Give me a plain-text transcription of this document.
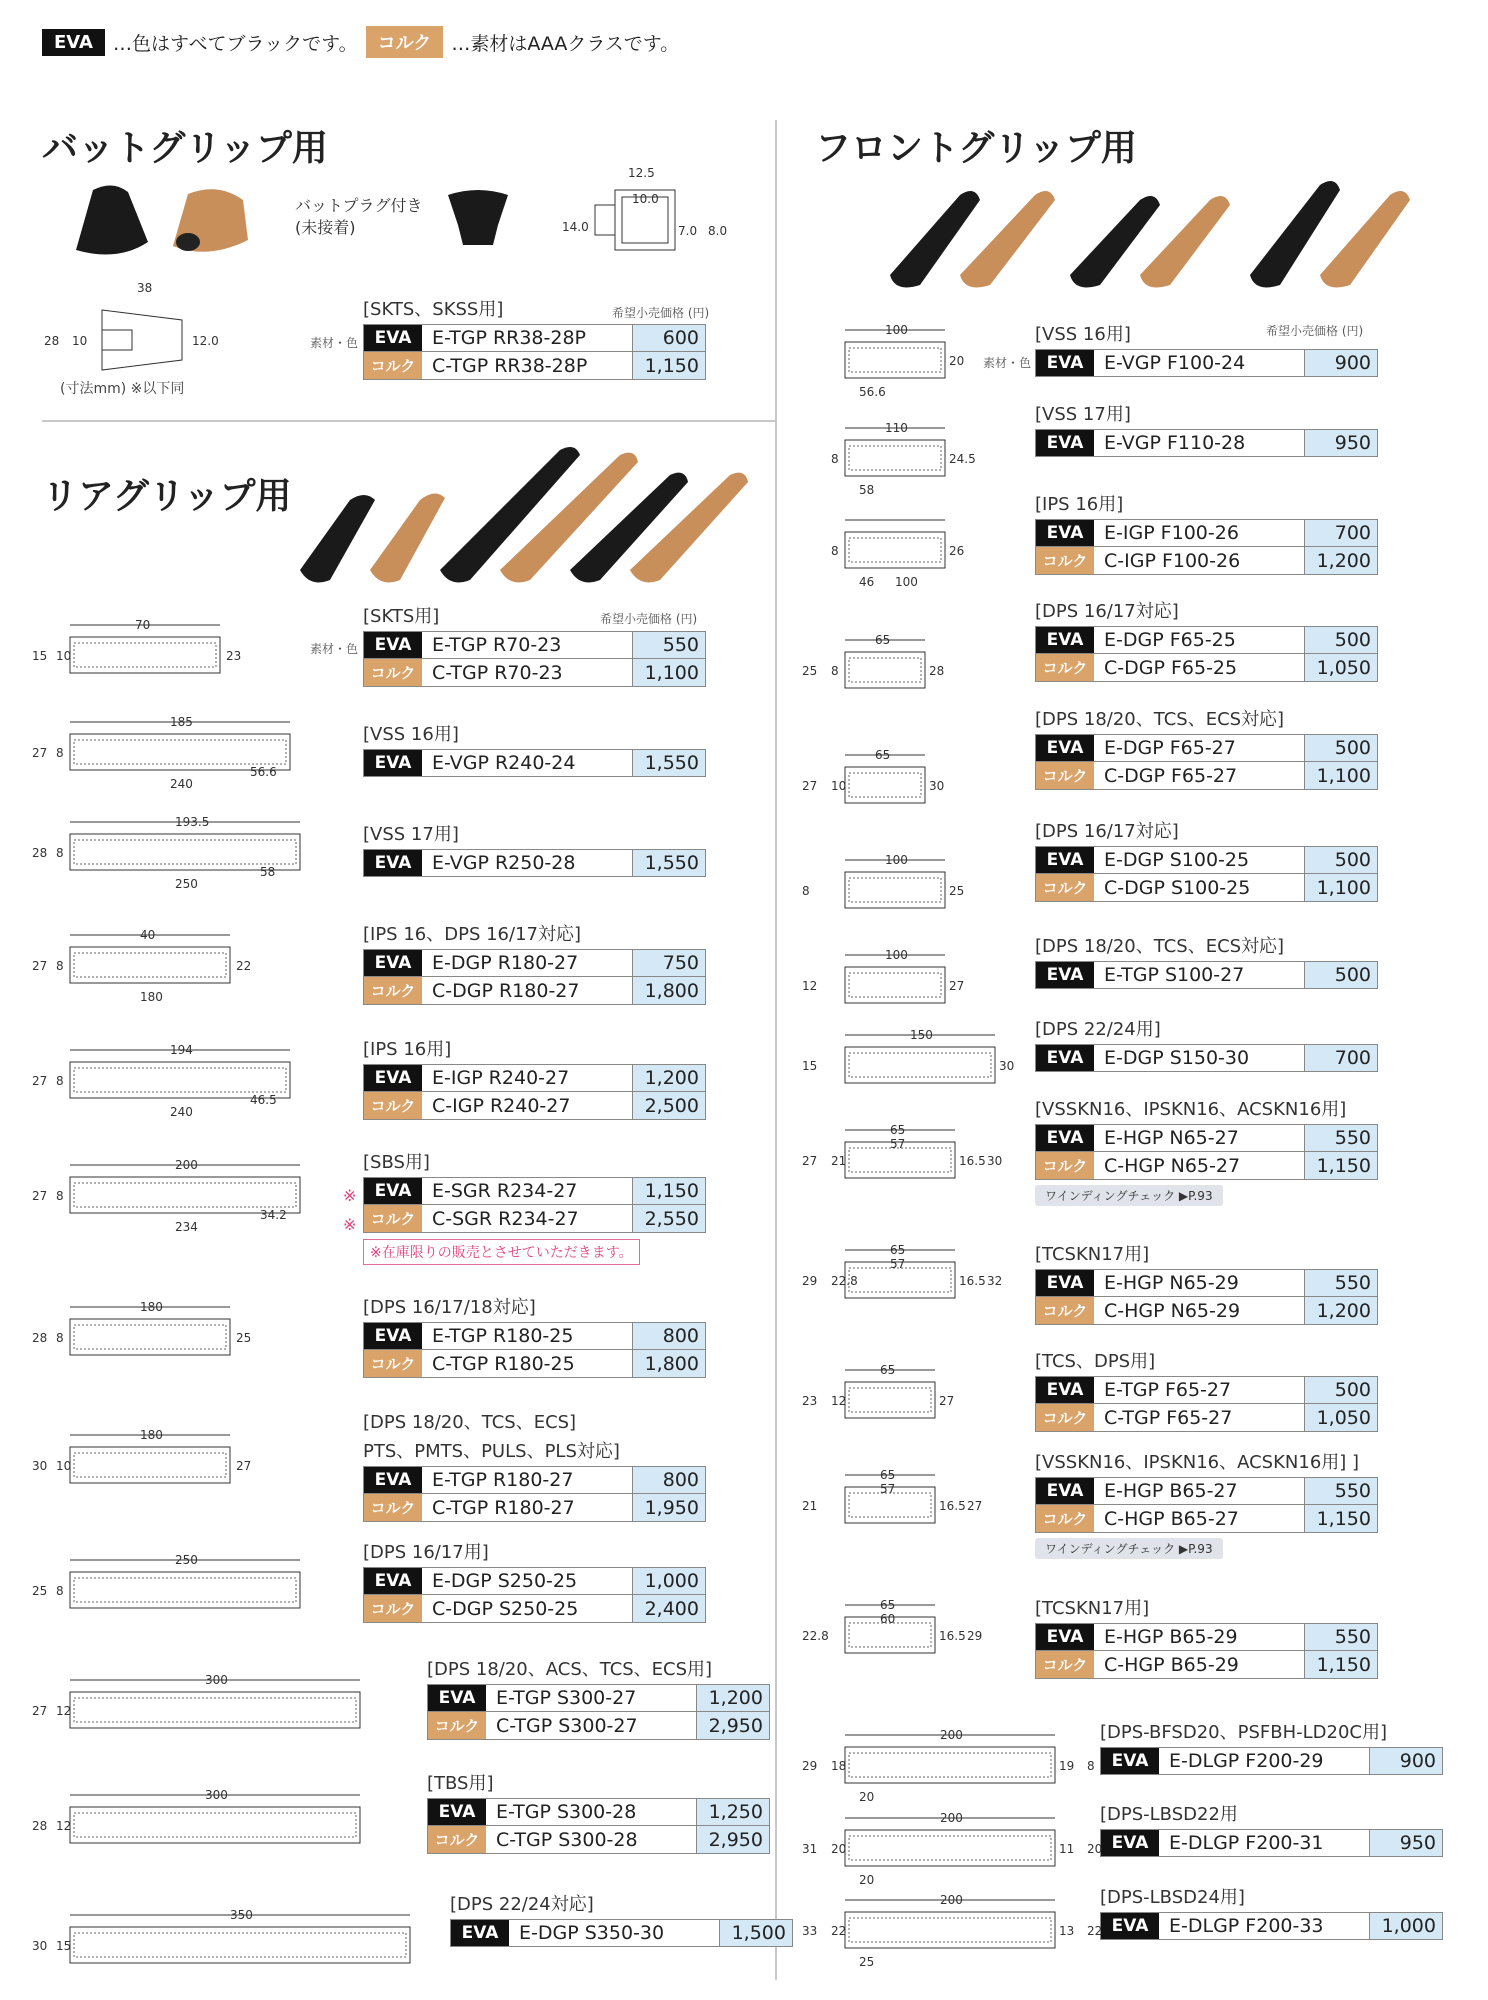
EVA	…色はすべてブラックです。	コルク	…素材はAAAクラスです。
バットグリップ用
リアグリップ用
フロントグリップ用
バットプラグ付き
(未接着)
12.5
10.0
14.0	7.0 8.0
38
28 10	12.0
(寸法mm) ※以下同
希望小売価格 (円)
素材・色
希望小売価格 (円)
素材・色
希望小売価格 (円)
素材・色
※
※
[SKTS、SKSS用]
EVA	E-TGP RR38-28P	600
コルク C-TGP RR38-28P	1,150
[SKTS用]
EVA	E-TGP R70-23	550
コルク C-TGP R70-23	1,100
[VSS 16用]
EVA	E-VGP R240-24	1,550
[VSS 17用]
EVA	E-VGP R250-28	1,550
[IPS 16、DPS 16/17対応]
EVA	E-DGP R180-27	750
コルク C-DGP R180-27	1,800
[IPS 16用]
EVA	E-IGP R240-27	1,200
コルク C-IGP R240-27	2,500
[SBS用]
EVA	E-SGR R234-27	1,150
コルク C-SGR R234-27	2,550
※在庫限りの販売とさせていただきます。
[DPS 16/17/18対応]
EVA	E-TGP R180-25	800
コルク C-TGP R180-25	1,800
[DPS 18/20、TCS、ECS]
PTS、PMTS、PULS、PLS対応]
EVA	E-TGP R180-27	800
コルク C-TGP R180-27	1,950
[DPS 16/17用]
EVA	E-DGP S250-25	1,000
コルク C-DGP S250-25	2,400
[DPS 18/20、ACS、TCS、ECS用]
EVA	E-TGP S300-27	1,200
コルク C-TGP S300-27	2,950
[TBS用]
EVA	E-TGP S300-28	1,250
コルク C-TGP S300-28	2,950
[DPS 22/24対応]
EVA	E-DGP S350-30	1,500
[VSS 16用]
EVA	E-VGP F100-24	900
[VSS 17用]
EVA	E-VGP F110-28	950
[IPS 16用]
EVA	E-IGP F100-26	700
コルク C-IGP F100-26	1,200
[DPS 16/17対応]
EVA	E-DGP F65-25	500
コルク C-DGP F65-25	1,050
[DPS 18/20、TCS、ECS対応]
EVA	E-DGP F65-27	500
コルク C-DGP F65-27	1,100
[DPS 16/17対応]
EVA	E-DGP S100-25	500
コルク C-DGP S100-25	1,100
[DPS 18/20、TCS、ECS対応]
EVA	E-TGP S100-27	500
[DPS 22/24用]
EVA	E-DGP S150-30	700
[VSSKN16、IPSKN16、ACSKN16用]
EVA	E-HGP N65-27	550
コルク C-HGP N65-27	1,150
ワインディングチェック ▶P.93
[TCSKN17用]
EVA	E-HGP N65-29	550
コルク C-HGP N65-29	1,200
[TCS、DPS用]
EVA	E-TGP F65-27	500
コルク C-TGP F65-27	1,050
[VSSKN16、IPSKN16、ACSKN16用] ]
EVA	E-HGP B65-27	550
コルク C-HGP B65-27	1,150
ワインディングチェック ▶P.93
[TCSKN17用]
EVA	E-HGP B65-29	550
コルク C-HGP B65-29	1,150
[DPS-BFSD20、PSFBH-LD20C用]
EVA	E-DLGP F200-29	900
[DPS-LBSD22用
EVA	E-DLGP F200-31	950
[DPS-LBSD24用]
EVA	E-DLGP F200-33	1,000
70
15 10	23
185
27 8
240
56.6
193.5
28 8
250
58
40
27 8	22
180
194
27 8
240
46.5
200
27 8
234
34.2
180
28 8	25
180
30 10	27
250
25 8
300
27 12
300
28 12
350
30 15
100
20
56.6
110
8	24.5
58
8	26
46 100
65
25 8	28
65
27 10	30
100
8	25
100
12	27
150
15	30
65
27 21	16.5 30
57
65
29 22.8	16.5 32
57
65
23 12	27
65
21	16.5 27
57
65
22.8	16.5 29
60
200
29 18	19 8
20
200
31 20	11 20
20
200
33 22	13 22
25
